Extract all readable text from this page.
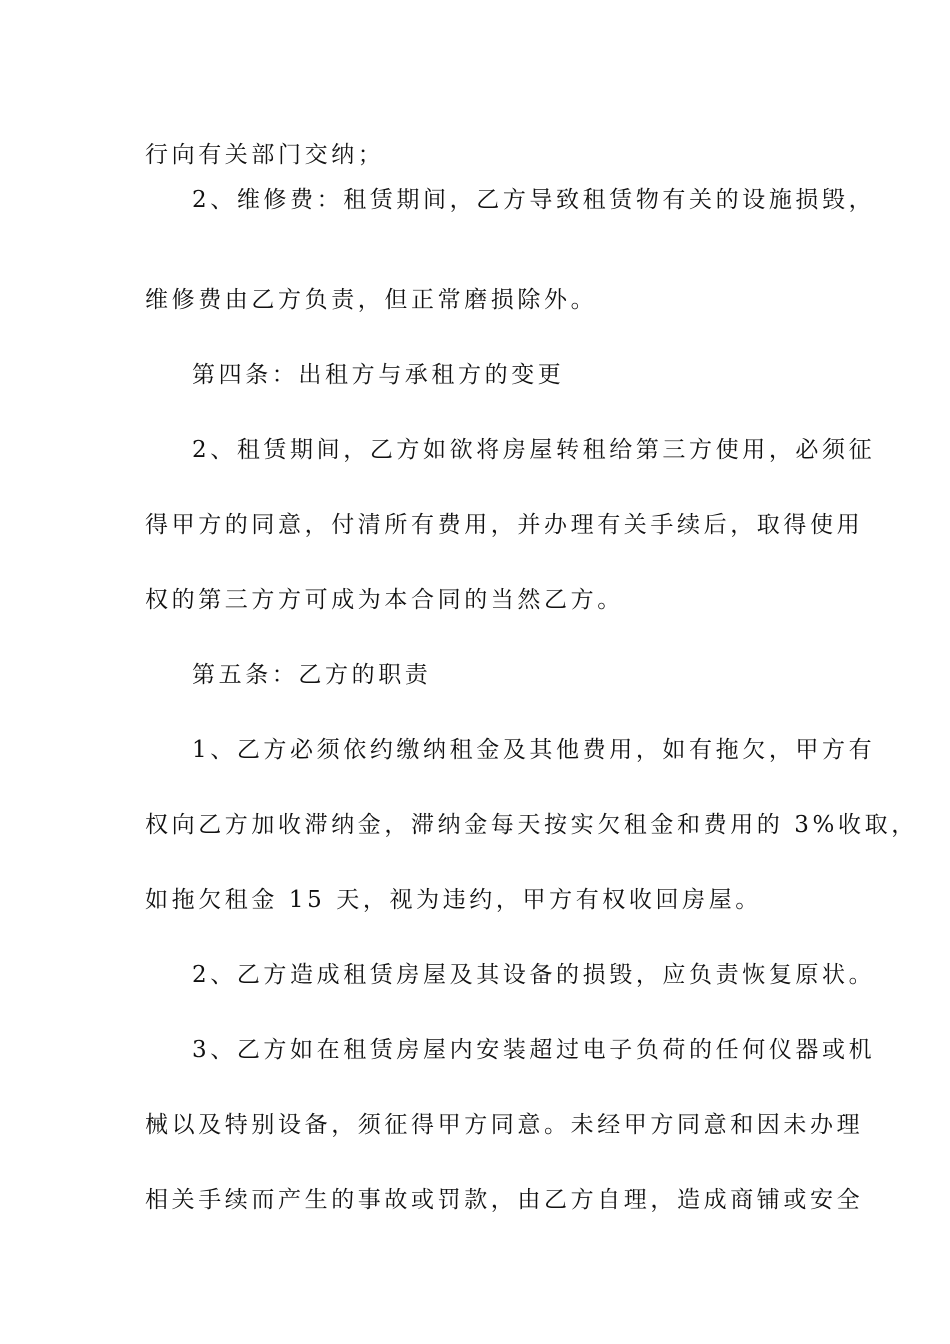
行向有关部门交纳；
2、维修费：租赁期间，乙方导致租赁物有关的设施损毁，
维修费由乙方负责，但正常磨损除外。
第四条：出租方与承租方的变更
2、租赁期间，乙方如欲将房屋转租给第三方使用，必须征
得甲方的同意，付清所有费用，并办理有关手续后，取得使用
权的第三方方可成为本合同的当然乙方。
第五条：乙方的职责
1、乙方必须依约缴纳租金及其他费用，如有拖欠，甲方有
权向乙方加收滞纳金，滞纳金每天按实欠租金和费用的 3%收取，
如拖欠租金 15 天，视为违约，甲方有权收回房屋。
2、乙方造成租赁房屋及其设备的损毁，应负责恢复原状。
3、乙方如在租赁房屋内安装超过电子负荷的任何仪器或机
械以及特别设备，须征得甲方同意。未经甲方同意和因未办理
相关手续而产生的事故或罚款，由乙方自理，造成商铺或安全
